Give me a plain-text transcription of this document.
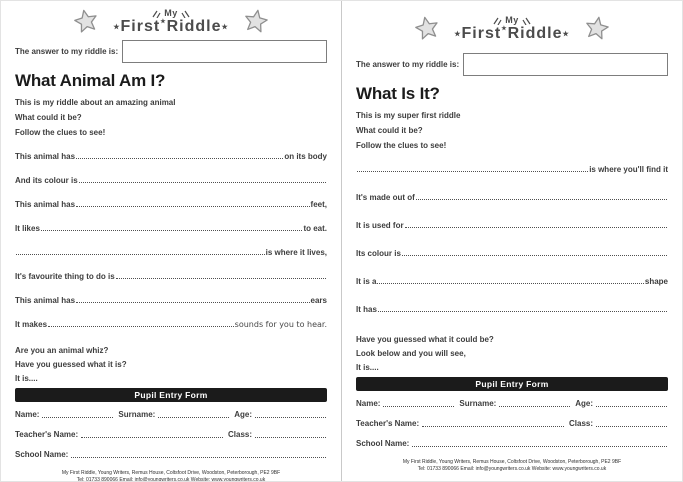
My
★First★Riddle★
The answer to my riddle is:
What Animal Am I?
This is my riddle about an amazing animal
What could it be?
Follow the clues to see!
This animal has	on its body
And its colour is
This animal has	feet,
It likes	to eat.
is where it lives,
It's favourite thing to do is
This animal has	ears
It makes	sounds for you to hear.
Are you an animal whiz?
Have you guessed what it is?
It is....
Pupil Entry Form
Name:	Surname:	Age:
Teacher's Name:	Class:
School Name:
My First Riddle, Young Writers, Remus House, Coltsfoot Drive, Woodston, Peterborough, PE2 9BF
Tel: 01733 890066 Email: info@youngwriters.co.uk Website: www.youngwriters.co.uk
My
★First★Riddle★
The answer to my riddle is:
What Is It?
This is my super first riddle
What could it be?
Follow the clues to see!
is where you'll find it
It's made out of
It is used for
Its colour is
It is a	shape
It has
Have you guessed what it could be?
Look below and you will see,
It is....
Pupil Entry Form
Name:	Surname:	Age:
Teacher's Name:	Class:
School Name:
My First Riddle, Young Writers, Remus House, Coltsfoot Drive, Woodston, Peterborough, PE2 9BF
Tel: 01733 890066 Email: info@youngwriters.co.uk Website: www.youngwriters.co.uk
